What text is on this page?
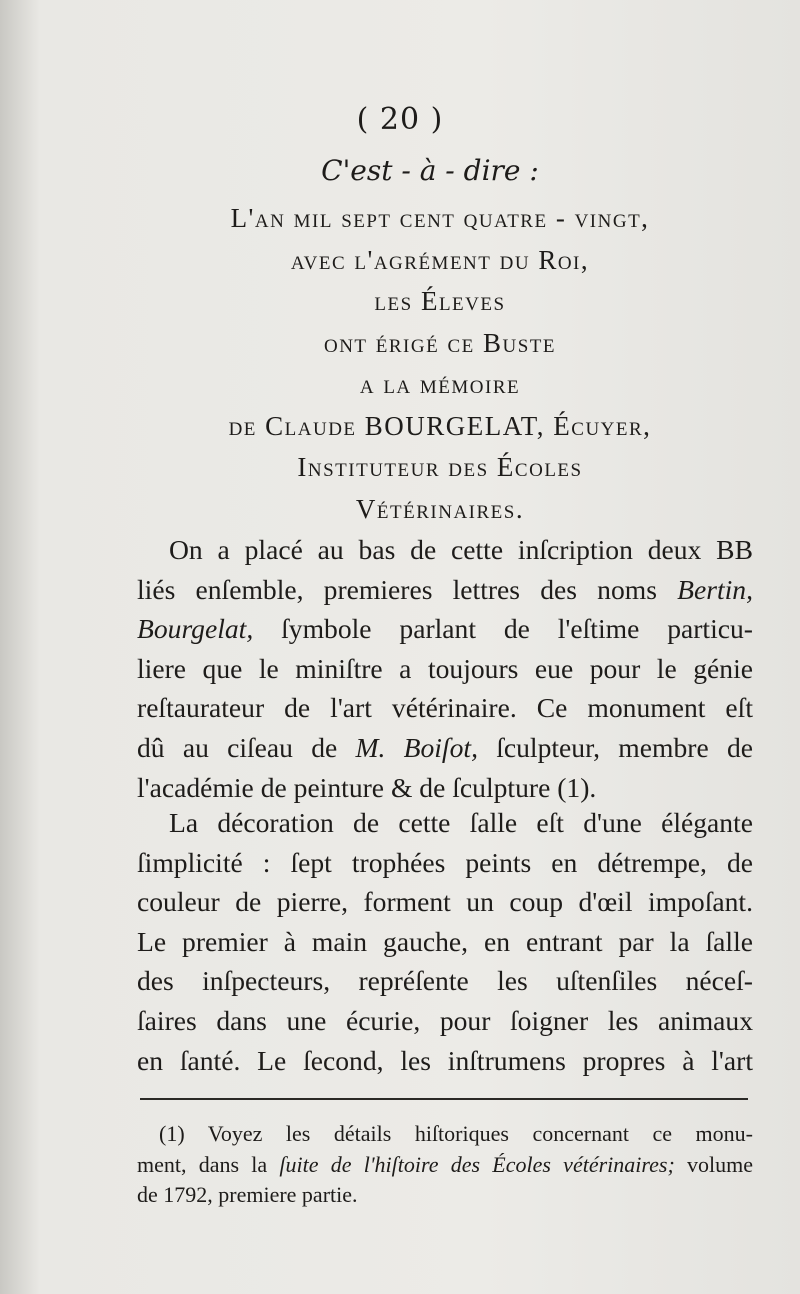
( 20 )
C'est - à - dire :
L'an mil sept cent quatre - vingt,
avec l'agrément du Roi,
les Éleves
ont érigé ce Buste
a la mémoire
de Claude BOURGELAT, Écuyer,
Instituteur des Écoles
Vétérinaires.
On a placé au bas de cette inſcription deux BB
liés enſemble, premieres lettres des noms Bertin,
Bourgelat, ſymbole parlant de l'eſtime particu-
liere que le miniſtre a toujours eue pour le génie
reſtaurateur de l'art vétérinaire. Ce monument eſt
dû au ciſeau de M. Boiſot, ſculpteur, membre de
l'académie de peinture & de ſculpture (1).
La décoration de cette ſalle eſt d'une élégante
ſimplicité : ſept trophées peints en détrempe, de
couleur de pierre, forment un coup d'œil impoſant.
Le premier à main gauche, en entrant par la ſalle
des inſpecteurs, repréſente les uſtenſiles néceſ-
ſaires dans une écurie, pour ſoigner les animaux
en ſanté. Le ſecond, les inſtrumens propres à l'art
(1) Voyez les détails hiſtoriques concernant ce monu-
ment, dans la ſuite de l'hiſtoire des Écoles vétérinaires; volume
de 1792, premiere partie.
